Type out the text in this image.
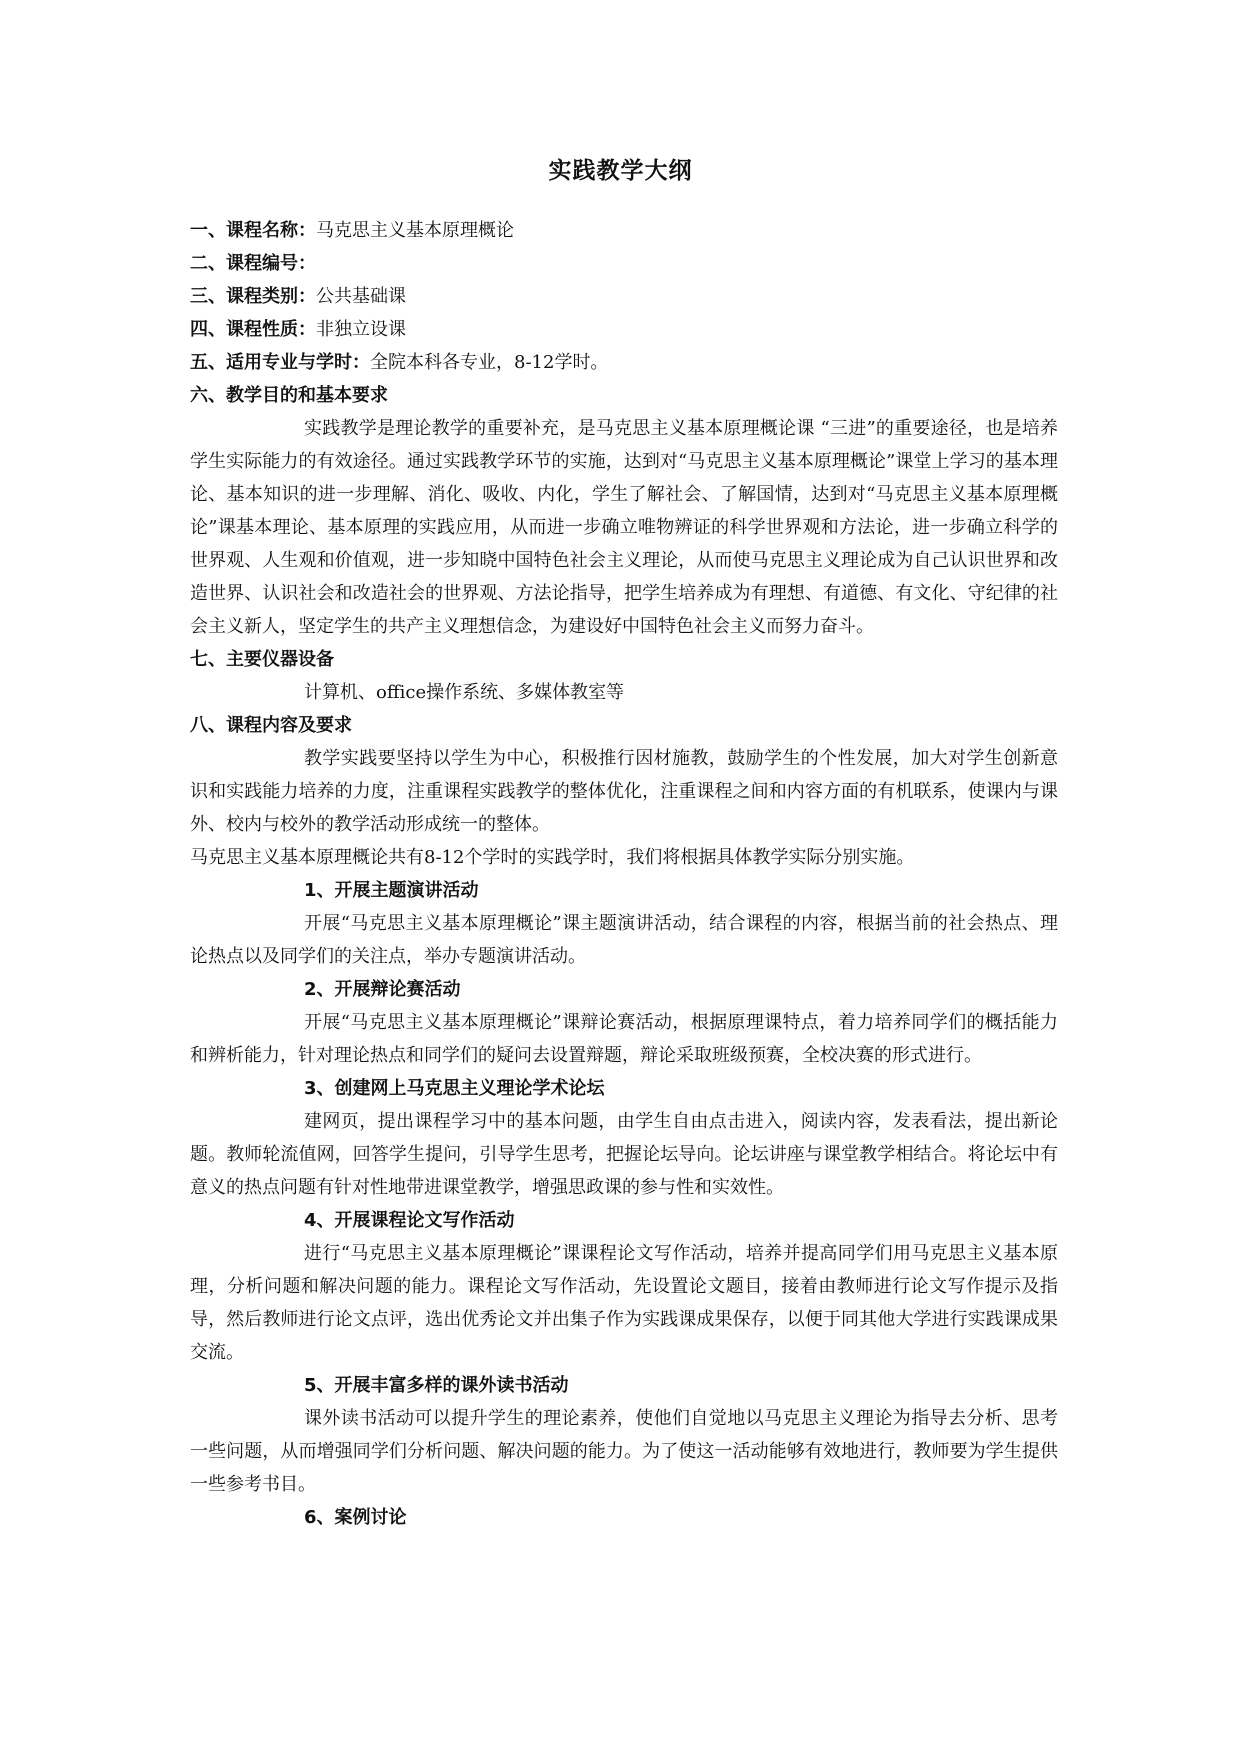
实践教学大纲
一、课程名称：马克思主义基本原理概论
二、课程编号：
三、课程类别：公共基础课
四、课程性质：非独立设课
五、适用专业与学时：全院本科各专业，8-12学时。
六、教学目的和基本要求

实践教学是理论教学的重要补充，是马克思主义基本原理概论课 “三进”的重要途径，也是培养学生实际能力的有效途径。通过实践教学环节的实施，达到对“马克思主义基本原理概论”课堂上学习的基本理论、基本知识的进一步理解、消化、吸收、内化，学生了解社会、了解国情，达到对“马克思主义基本原理概论”课基本理论、基本原理的实践应用，从而进一步确立唯物辨证的科学世界观和方法论，进一步确立科学的世界观、人生观和价值观，进一步知晓中国特色社会主义理论，从而使马克思主义理论成为自己认识世界和改造世界、认识社会和改造社会的世界观、方法论指导，把学生培养成为有理想、有道德、有文化、守纪律的社会主义新人，坚定学生的共产主义理想信念，为建设好中国特色社会主义而努力奋斗。

七、主要仪器设备
计算机、office操作系统、多媒体教室等
八、课程内容及要求

教学实践要坚持以学生为中心，积极推行因材施教，鼓励学生的个性发展，加大对学生创新意识和实践能力培养的力度，注重课程实践教学的整体优化，注重课程之间和内容方面的有机联系，使课内与课外、校内与校外的教学活动形成统一的整体。

马克思主义基本原理概论共有8-12个学时的实践学时，我们将根据具体教学实际分别实施。

1、开展主题演讲活动

开展“马克思主义基本原理概论”课主题演讲活动，结合课程的内容，根据当前的社会热点、理论热点以及同学们的关注点，举办专题演讲活动。

2、开展辩论赛活动

开展“马克思主义基本原理概论”课辩论赛活动，根据原理课特点，着力培养同学们的概括能力和辨析能力，针对理论热点和同学们的疑问去设置辩题，辩论采取班级预赛，全校决赛的形式进行。

3、创建网上马克思主义理论学术论坛

建网页，提出课程学习中的基本问题，由学生自由点击进入，阅读内容，发表看法，提出新论题。教师轮流值网，回答学生提问，引导学生思考，把握论坛导向。论坛讲座与课堂教学相结合。将论坛中有意义的热点问题有针对性地带进课堂教学，增强思政课的参与性和实效性。

4、开展课程论文写作活动

进行“马克思主义基本原理概论”课课程论文写作活动，培养并提高同学们用马克思主义基本原理，分析问题和解决问题的能力。课程论文写作活动，先设置论文题目，接着由教师进行论文写作提示及指导，然后教师进行论文点评，选出优秀论文并出集子作为实践课成果保存，以便于同其他大学进行实践课成果交流。

5、开展丰富多样的课外读书活动

课外读书活动可以提升学生的理论素养，使他们自觉地以马克思主义理论为指导去分析、思考一些问题，从而增强同学们分析问题、解决问题的能力。为了使这一活动能够有效地进行，教师要为学生提供一些参考书目。

6、案例讨论
